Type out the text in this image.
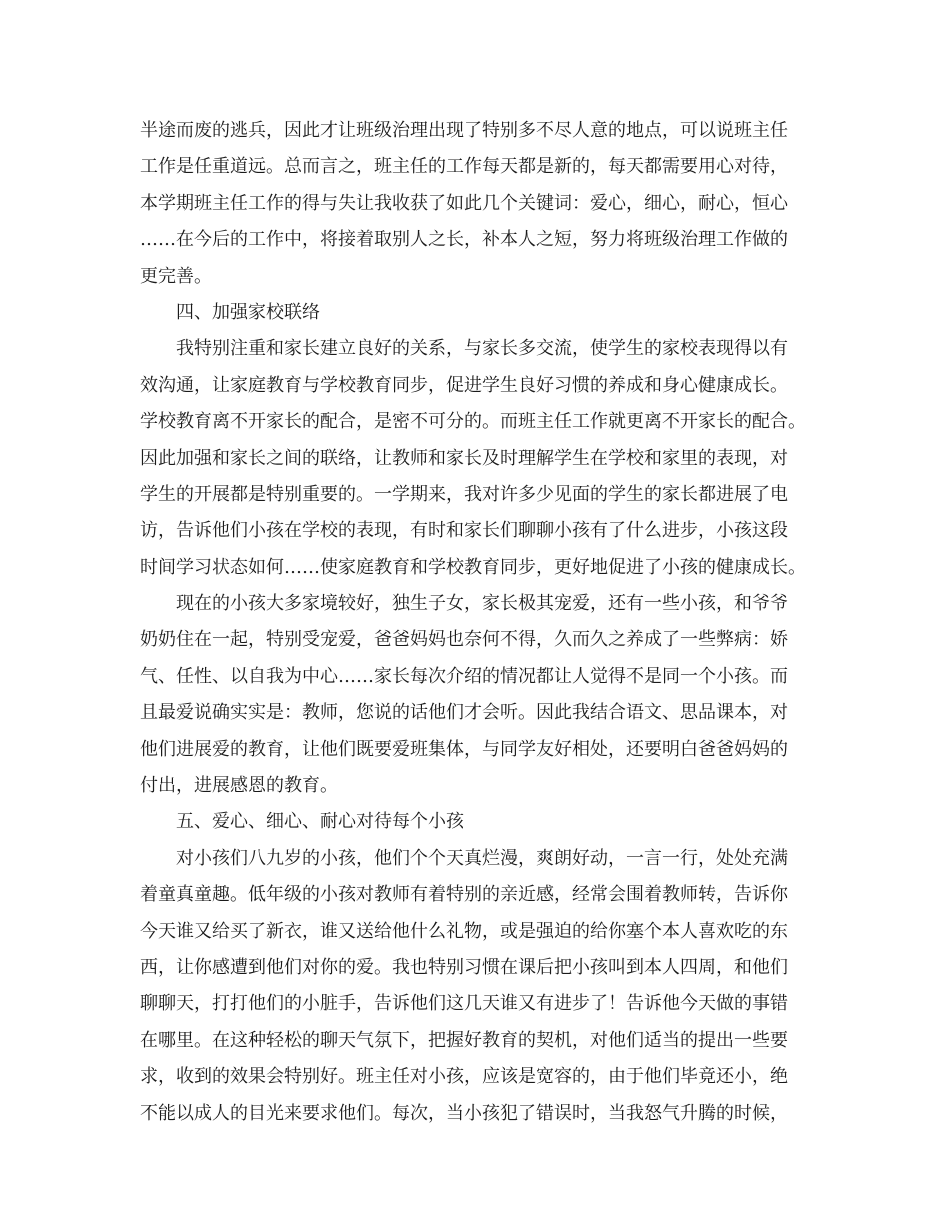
半途而废的逃兵，因此才让班级治理出现了特别多不尽人意的地点，可以说班主任
工作是任重道远。总而言之，班主任的工作每天都是新的，每天都需要用心对待，
本学期班主任工作的得与失让我收获了如此几个关键词：爱心，细心，耐心，恒心
……在今后的工作中，将接着取别人之长，补本人之短，努力将班级治理工作做的
更完善。
四、加强家校联络
我特别注重和家长建立良好的关系，与家长多交流，使学生的家校表现得以有
效沟通，让家庭教育与学校教育同步，促进学生良好习惯的养成和身心健康成长。
学校教育离不开家长的配合，是密不可分的。而班主任工作就更离不开家长的配合。
因此加强和家长之间的联络，让教师和家长及时理解学生在学校和家里的表现，对
学生的开展都是特别重要的。一学期来，我对许多少见面的学生的家长都进展了电
访，告诉他们小孩在学校的表现，有时和家长们聊聊小孩有了什么进步，小孩这段
时间学习状态如何……使家庭教育和学校教育同步，更好地促进了小孩的健康成长。
现在的小孩大多家境较好，独生子女，家长极其宠爱，还有一些小孩，和爷爷
奶奶住在一起，特别受宠爱，爸爸妈妈也奈何不得，久而久之养成了一些弊病：娇
气、任性、以自我为中心……家长每次介绍的情况都让人觉得不是同一个小孩。而
且最爱说确实实是：教师，您说的话他们才会听。因此我结合语文、思品课本，对
他们进展爱的教育，让他们既要爱班集体，与同学友好相处，还要明白爸爸妈妈的
付出，进展感恩的教育。
五、爱心、细心、耐心对待每个小孩
对小孩们八九岁的小孩，他们个个天真烂漫，爽朗好动，一言一行，处处充满
着童真童趣。低年级的小孩对教师有着特别的亲近感，经常会围着教师转，告诉你
今天谁又给买了新衣，谁又送给他什么礼物，或是强迫的给你塞个本人喜欢吃的东
西，让你感遭到他们对你的爱。我也特别习惯在课后把小孩叫到本人四周，和他们
聊聊天，打打他们的小脏手，告诉他们这几天谁又有进步了！告诉他今天做的事错
在哪里。在这种轻松的聊天气氛下，把握好教育的契机，对他们适当的提出一些要
求，收到的效果会特别好。班主任对小孩，应该是宽容的，由于他们毕竟还小，绝
不能以成人的目光来要求他们。每次，当小孩犯了错误时，当我怒气升腾的时候，
